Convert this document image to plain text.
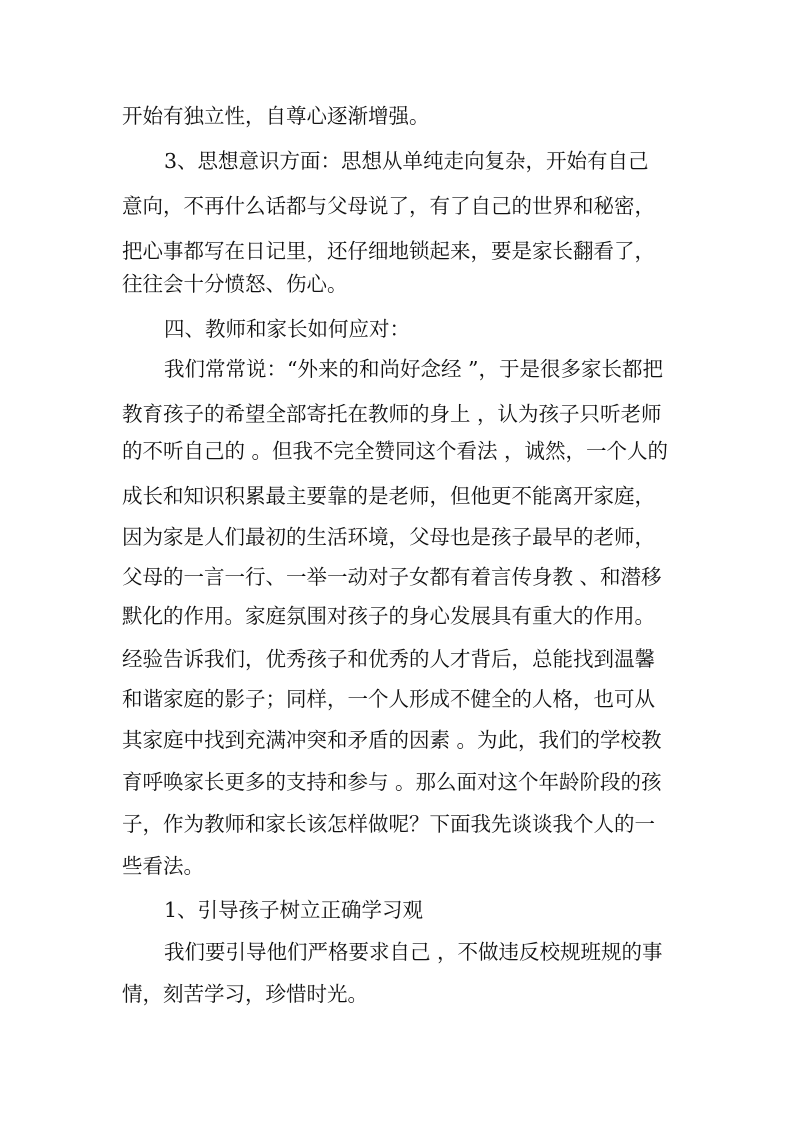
开始有独立性，自尊心逐渐增强。

3、思想意识方面：思想从单纯走向复杂，开始有自己

意向，不再什么话都与父母说了，有了自己的世界和秘密，

把心事都写在日记里，还仔细地锁起来，要是家长翻看了，

往往会十分愤怒、伤心。

四、教师和家长如何应对：

我们常常说：“外来的和尚好念经 ”，于是很多家长都把

教育孩子的希望全部寄托在教师的身上 ，认为孩子只听老师

的不听自己的 。但我不完全赞同这个看法 ，诚然，一个人的

成长和知识积累最主要靠的是老师，但他更不能离开家庭，

因为家是人们最初的生活环境，父母也是孩子最早的老师，

父母的一言一行、一举一动对子女都有着言传身教 、和潜移

默化的作用。家庭氛围对孩子的身心发展具有重大的作用。

经验告诉我们，优秀孩子和优秀的人才背后，总能找到温馨

和谐家庭的影子；同样，一个人形成不健全的人格，也可从

其家庭中找到充满冲突和矛盾的因素 。为此，我们的学校教

育呼唤家长更多的支持和参与 。那么面对这个年龄阶段的孩

子，作为教师和家长该怎样做呢？下面我先谈谈我个人的一

些看法。

1、引导孩子树立正确学习观

我们要引导他们严格要求自己 ，不做违反校规班规的事

情，刻苦学习，珍惜时光。
